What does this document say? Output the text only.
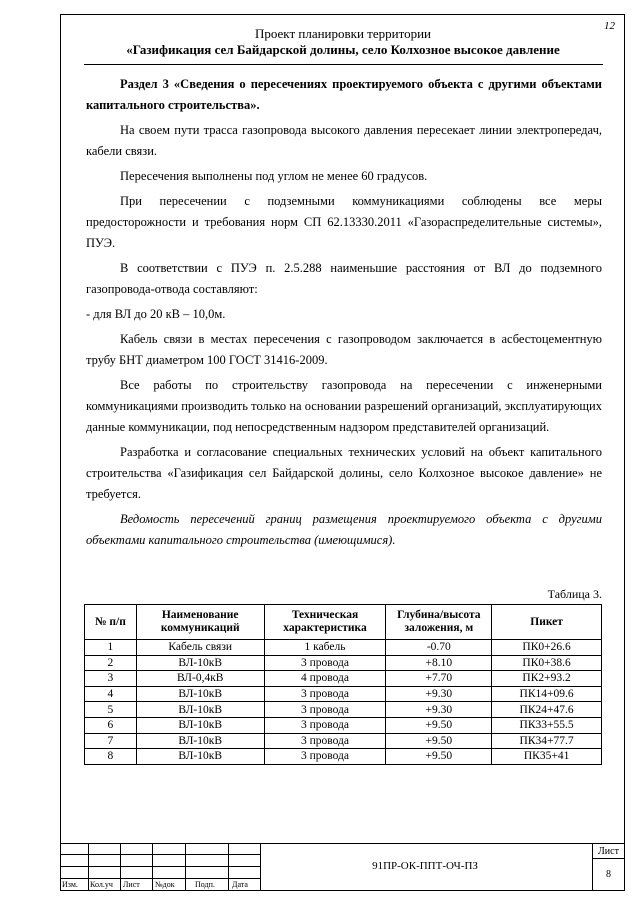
12
Проект планировки территории
«Газификация сел Байдарской долины, село Колхозное высокое давление

Раздел 3 «Сведения о пересечениях проектируемого объекта с другими объектами капитального строительства».

На своем пути трасса газопровода высокого давления пересекает линии электропередач, кабели связи.

Пересечения выполнены под углом не менее 60 градусов.

При пересечении с подземными коммуникациями соблюдены все меры предосторожности и требования норм СП 62.13330.2011 «Газораспределительные системы», ПУЭ.

В соответствии с ПУЭ п. 2.5.288 наименьшие расстояния от ВЛ до подземного газопровода-отвода составляют:

- для ВЛ до 20 кВ – 10,0м.

Кабель связи в местах пересечения с газопроводом заключается в асбестоцементную трубу БНТ диаметром 100 ГОСТ 31416-2009.

Все работы по строительству газопровода на пересечении с инженерными коммуникациями производить только на основании разрешений организаций, эксплуатирующих данные коммуникации, под непосредственным надзором представителей организаций.

Разработка и согласование специальных технических условий на объект капитального строительства «Газификация сел Байдарской долины, село Колхозное высокое давление» не требуется.

Ведомость пересечений границ размещения проектируемого объекта с другими объектами капитального строительства (имеющимися).

Таблица 3.
№ п/п	Наименование коммуникаций	Техническая характеристика	Глубина/высота заложения, м	Пикет
1	Кабель связи	1 кабель	-0.70	ПК0+26.6
2	ВЛ-10кВ	3 провода	+8.10	ПК0+38.6
3	ВЛ-0,4кВ	4 провода	+7.70	ПК2+93.2
4	ВЛ-10кВ	3 провода	+9.30	ПК14+09.6
5	ВЛ-10кВ	3 провода	+9.30	ПК24+47.6
6	ВЛ-10кВ	3 провода	+9.50	ПК33+55.5
7	ВЛ-10кВ	3 провода	+9.50	ПК34+77.7
8	ВЛ-10кВ	3 провода	+9.50	ПК35+41
Изм. Кол.уч Лист №док	Подп. Дата
91ПР-ОК-ППТ-ОЧ-ПЗ
Лист
8
